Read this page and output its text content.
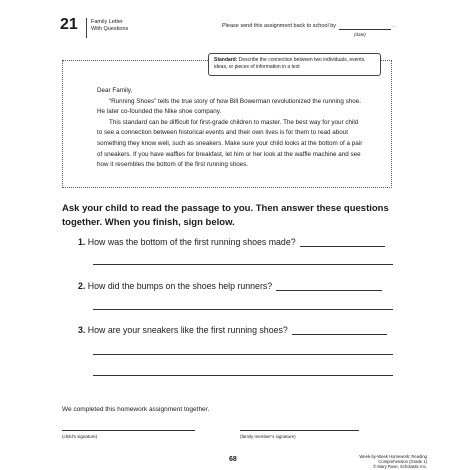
21 Family Letter
With Questions	Please send this assignment back to school by	.
(date)
Standard: Describe the connection between two individuals, events, ideas, or pieces of information in a text

Dear Family,

“Running Shoes” tells the true story of how Bill Bowerman revolutionized the running shoe.

He later co-founded the Nike shoe company.

This standard can be difficult for first-grade children to master. The best way for your child

to see a connection between historical events and their own lives is for them to read about

something they know well, such as sneakers. Make sure your child looks at the bottom of a pair

of sneakers. If you have waffles for breakfast, let him or her look at the waffle machine and see

how it resembles the bottom of the first running shoes.

Ask your child to read the passage to you. Then answer these questions
together. When you finish, sign below.
1. How was the bottom of the first running shoes made?
2. How did the bumps on the shoes help runners?
3. How are your sneakers like the first running shoes?
We completed this homework assignment together.
(child’s signature)	(family member’s signature)
68	Week-by-Week Homework: Reading Comprehension (Grade 1)
© Mary Rose, Scholastic Inc.
